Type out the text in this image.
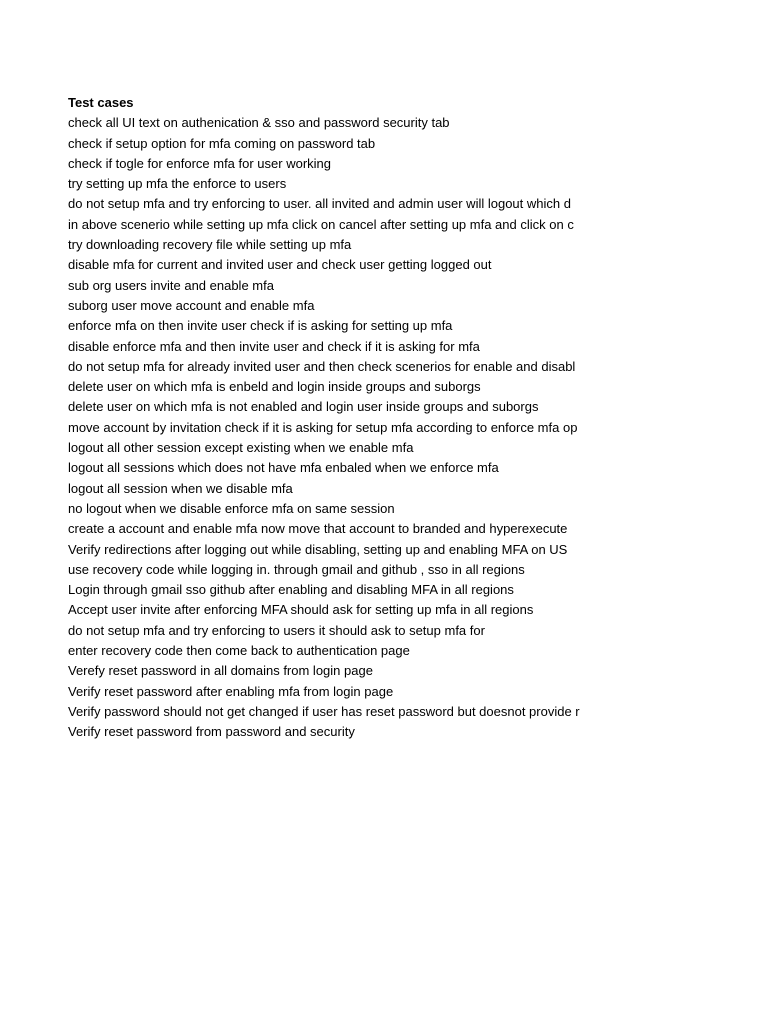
Test cases
check all UI text on authenication & sso and password security tab
check if setup option for mfa coming on password tab
check if togle for enforce mfa for user working
try setting up mfa the enforce to users
do not setup mfa and try enforcing to user. all invited and admin user will logout which d
in above scenerio while setting up mfa click on cancel after setting up mfa and click on c
try downloading recovery file while setting up mfa
disable mfa for current and invited user and check user getting logged out
sub org users invite and enable mfa
suborg user move account and enable mfa
enforce mfa on then invite user check if is asking for setting up mfa
disable enforce mfa and then invite user and check if it is asking for mfa
do not setup mfa for already invited user and then check scenerios for enable and disabl
delete user on which mfa is enbeld and login inside groups and suborgs
delete user on which mfa is not enabled and login user inside groups and suborgs
move account by invitation check if it is asking for setup mfa according to enforce mfa op
logout all other session except existing when we enable mfa
logout all sessions which does not have mfa enbaled when we enforce mfa
logout all session when we disable mfa
no logout when we disable enforce mfa on same session
create a account and enable mfa now move that account to branded and hyperexecute
Verify redirections after logging out while disabling, setting up and enabling MFA on US
use recovery code while logging in. through gmail and github , sso in all regions
Login through gmail sso github after enabling and disabling MFA in all regions
Accept user invite after enforcing MFA should ask for setting up mfa in all regions
do not setup mfa and try enforcing to users it should ask to setup mfa for
enter recovery code then come back to authentication page
Verefy reset password in all domains from login page
Verify reset password after enabling mfa from login page
Verify password should not get changed if user has reset password but doesnot provide r
Verify reset password from password and security
